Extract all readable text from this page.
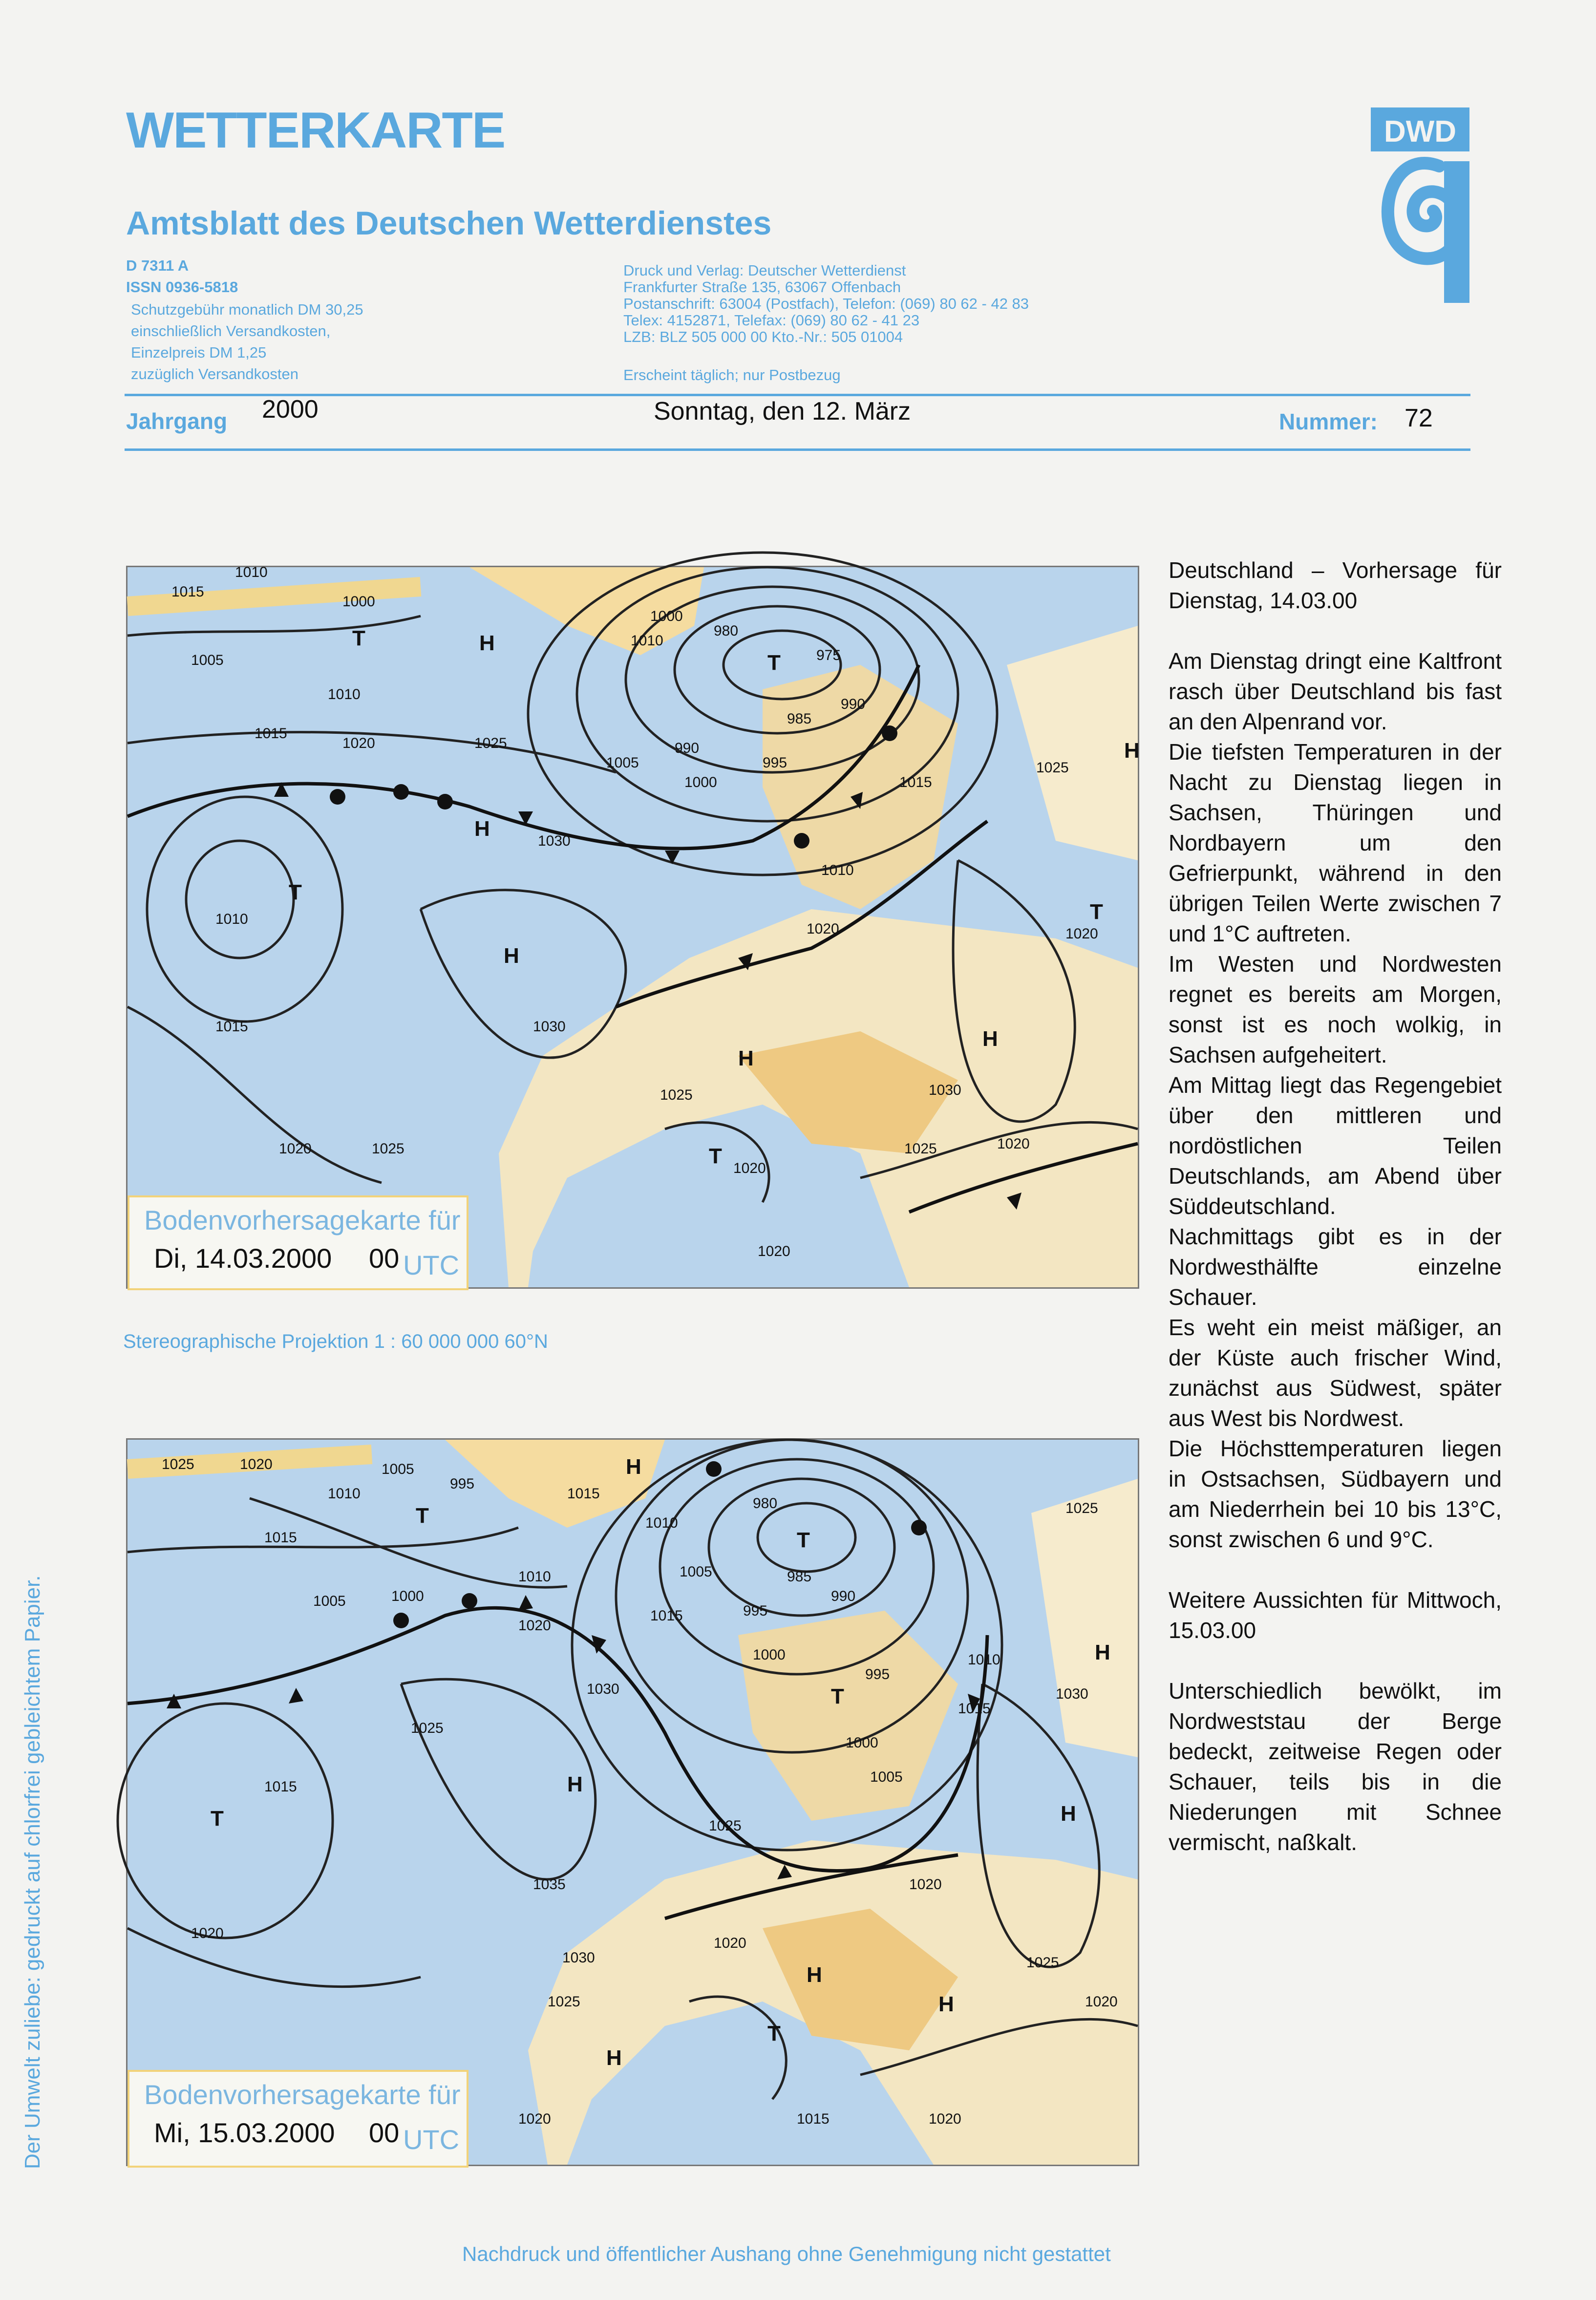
WETTERKARTE
Amtsblatt des Deutschen Wetterdienstes
D 7311 A
ISSN 0936-5818
Schutzgebühr monatlich DM 30,25
einschließlich Versandkosten,
Einzelpreis DM 1,25
zuzüglich Versandkosten
Druck und Verlag: Deutscher Wetterdienst
Frankfurter Straße 135, 63067 Offenbach
Postanschrift: 63004 (Postfach), Telefon: (069) 80 62 - 42 83
Telex: 4152871, Telefax: (069) 80 62 - 41 23
LZB: BLZ 505 000 00 Kto.-Nr.: 505 01004
Erscheint täglich; nur Postbezug
DWD
Jahrgang 2000	Sonntag, den 12. März	Nummer: 72
H
H
H
H
H
H
T
T
T
T
T
1010
1015
1000
1005
1010
1015
1020	1025
1030
1010
1015	1030
1020	1025
1010
1000
980
975
990
985
990
995
1000
1005
1015
1010
1020
1025
1020
1025	1030
1025	1020
1020
1020
Bodenvorhersagekarte für
Di, 14.03.2000 00 UTC
Stereographische Projektion 1 : 60 000 000 60°N
H
H
H
H
H
H
H
T
T
T
T
T
1025	1020	1005
995
1010
1015
1005	1000
1010
1015
1010
1020
1030
1025
1015
1020
1035
980
985
990
995
1005
1015
1000
995
1000
1005
1010
1015
1030
1025
1025
1020
1020
1030
1025
1025
1020
1015	1020
1020
Bodenvorhersagekarte für
Mi, 15.03.2000 00 UTC

Deutschland – Vorhersage für Dienstag, 14.03.00

Am Dienstag dringt eine Kaltfront rasch über Deutschland bis fast an den Alpenrand vor.

Die tiefsten Temperaturen in der Nacht zu Dienstag liegen in Sachsen, Thüringen und Nordbayern um den Gefrierpunkt, während in den übrigen Teilen Werte zwischen 7 und 1°C auftreten.

Im Westen und Nordwesten regnet es bereits am Morgen, sonst ist es noch wolkig, in Sachsen aufgeheitert.

Am Mittag liegt das Regengebiet über den mittleren und nordöstlichen Teilen Deutschlands, am Abend über Süddeutschland.

Nachmittags gibt es in der Nordwesthälfte einzelne Schauer.

Es weht ein meist mäßiger, an der Küste auch frischer Wind, zunächst aus Südwest, später aus West bis Nordwest.

Die Höchsttemperaturen liegen in Ostsachsen, Südbayern und am Niederrhein bei 10 bis 13°C, sonst zwischen 6 und 9°C.

Weitere Aussichten für Mittwoch, 15.03.00

Unterschiedlich bewölkt, im Nordweststau der Berge bedeckt, zeitweise Regen oder Schauer, teils bis in die Niederungen mit Schnee vermischt, naßkalt.

Der Umwelt zuliebe: gedruckt auf chlorfrei gebleichtem Papier.
Nachdruck und öffentlicher Aushang ohne Genehmigung nicht gestattet
